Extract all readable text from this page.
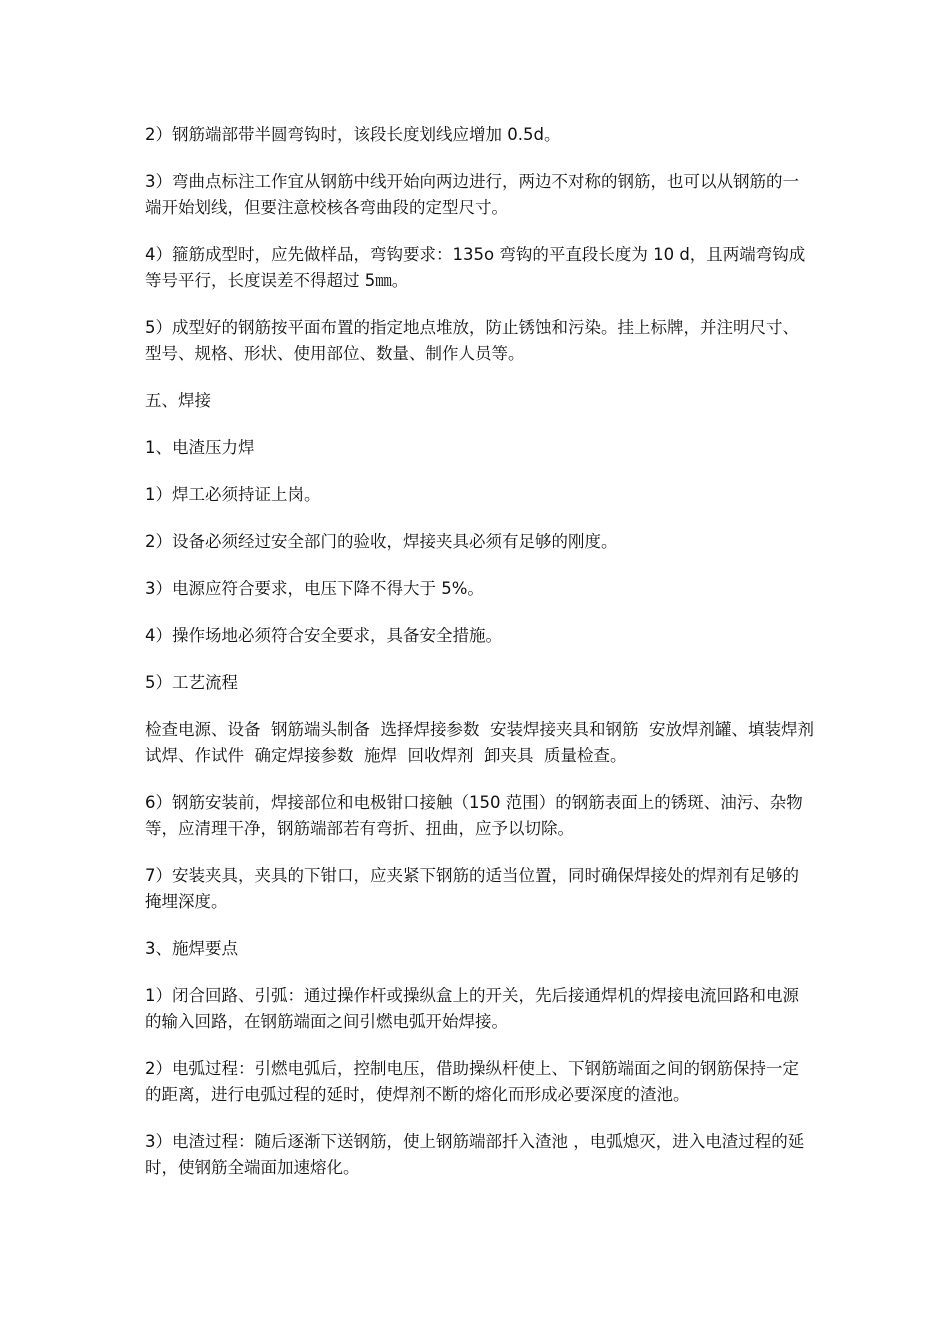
2）钢筋端部带半圆弯钩时，该段长度划线应增加 0.5d。

3）弯曲点标注工作宜从钢筋中线开始向两边进行，两边不对称的钢筋，也可以从钢筋的一端开始划线，但要注意校核各弯曲段的定型尺寸。

4）箍筋成型时，应先做样品，弯钩要求：135o 弯钩的平直段长度为 10 d，且两端弯钩成等号平行，长度误差不得超过 5㎜。

5）成型好的钢筋按平面布置的指定地点堆放，防止锈蚀和污染。挂上标牌，并注明尺寸、型号、规格、形状、使用部位、数量、制作人员等。

五、焊接

1、电渣压力焊

1）焊工必须持证上岗。

2）设备必须经过安全部门的验收，焊接夹具必须有足够的刚度。

3）电源应符合要求，电压下降不得大于 5%。

4）操作场地必须符合安全要求，具备安全措施。

5）工艺流程

检查电源、设备  钢筋端头制备  选择焊接参数  安装焊接夹具和钢筋  安放焊剂罐、填装焊剂  试焊、作试件  确定焊接参数  施焊  回收焊剂  卸夹具  质量检查。

6）钢筋安装前，焊接部位和电极钳口接触（150 范围）的钢筋表面上的锈斑、油污、杂物等，应清理干净，钢筋端部若有弯折、扭曲，应予以切除。

7）安装夹具，夹具的下钳口，应夹紧下钢筋的适当位置，同时确保焊接处的焊剂有足够的掩埋深度。

3、施焊要点

1）闭合回路、引弧：通过操作杆或操纵盒上的开关，先后接通焊机的焊接电流回路和电源的输入回路，在钢筋端面之间引燃电弧开始焊接。

2）电弧过程：引燃电弧后，控制电压，借助操纵杆使上、下钢筋端面之间的钢筋保持一定的距离，进行电弧过程的延时，使焊剂不断的熔化而形成必要深度的渣池。

3）电渣过程：随后逐渐下送钢筋，使上钢筋端部扦入渣池 ，电弧熄灭，进入电渣过程的延时，使钢筋全端面加速熔化。
